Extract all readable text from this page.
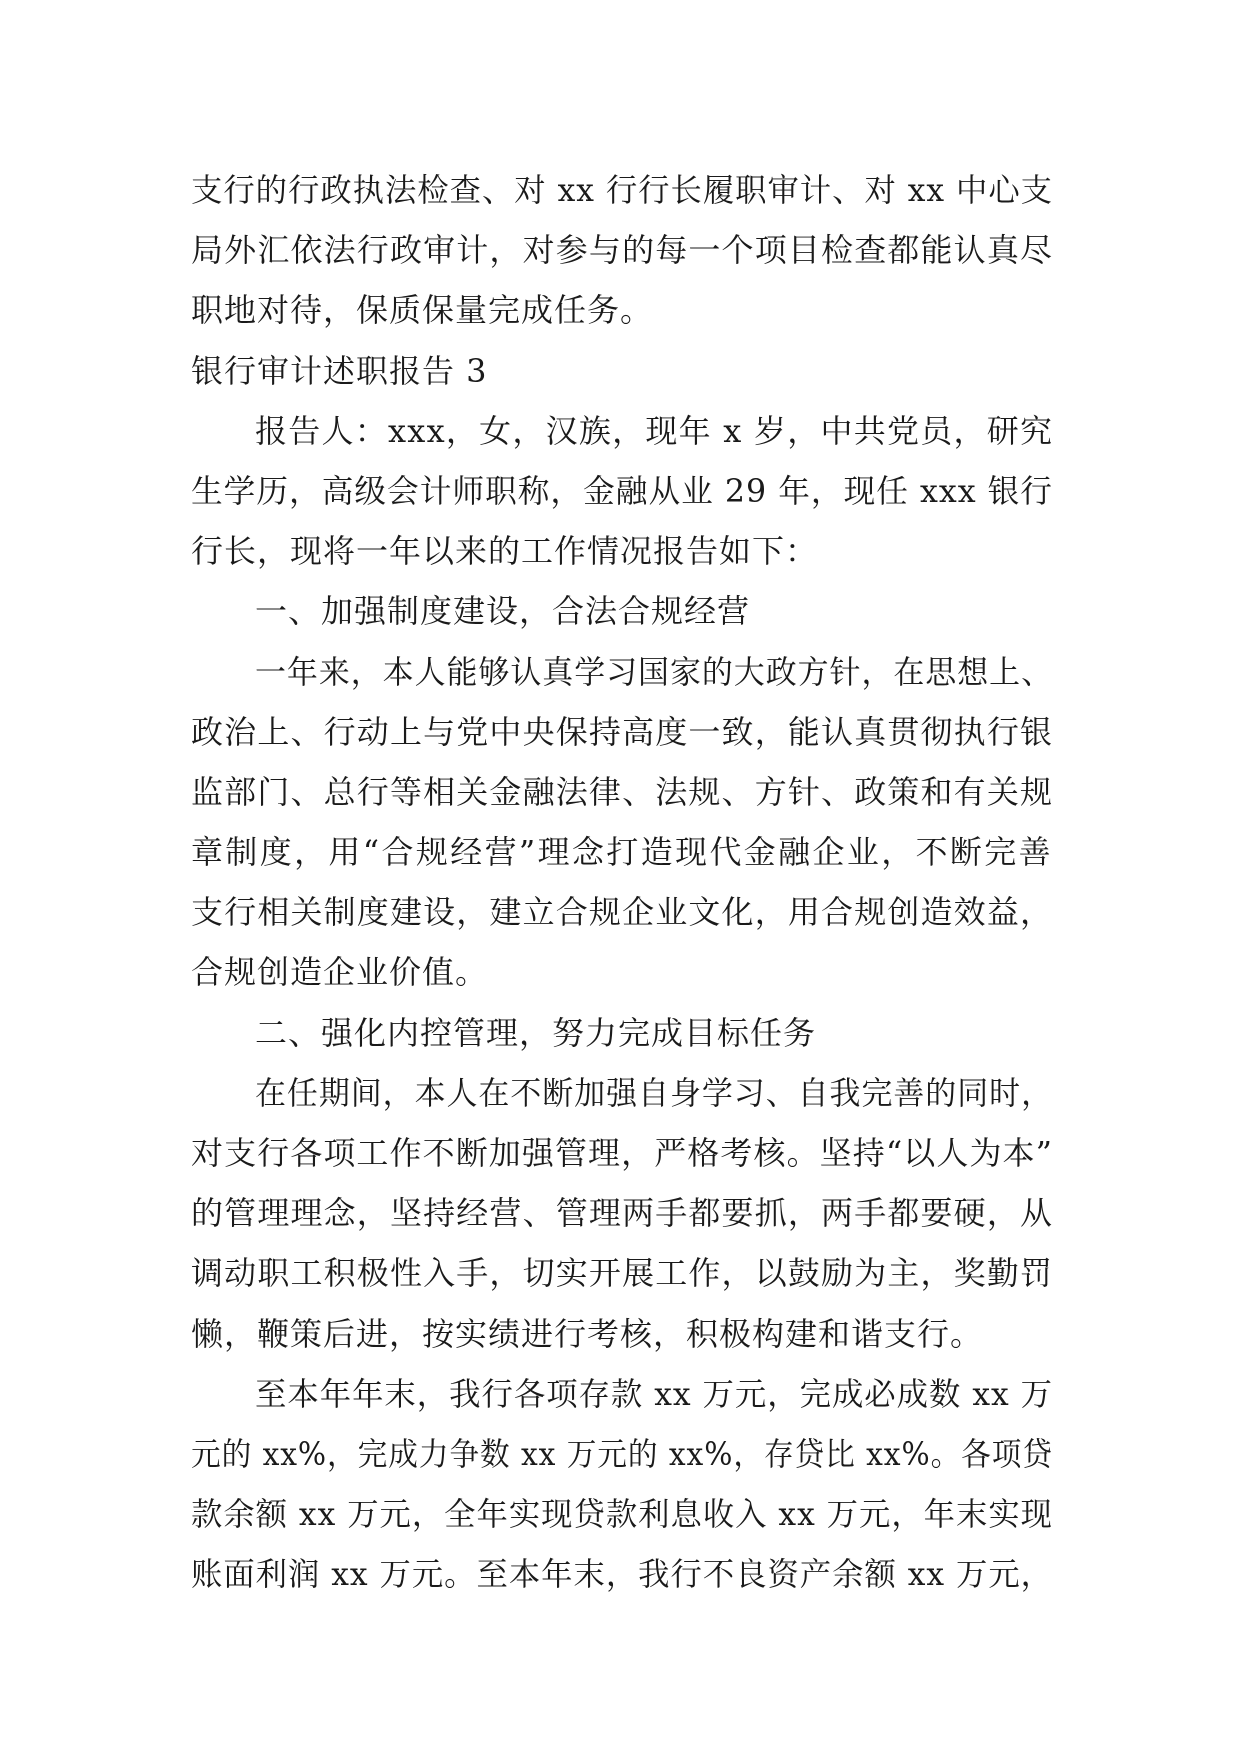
支行的行政执法检查、对 xx 行行长履职审计、对 xx 中心支
局外汇依法行政审计，对参与的每一个项目检查都能认真尽
职地对待，保质保量完成任务。
银行审计述职报告 3
报告人：xxx，女，汉族，现年 x 岁，中共党员，研究
生学历，高级会计师职称，金融从业 29 年，现任 xxx 银行
行长，现将一年以来的工作情况报告如下：
一、加强制度建设，合法合规经营
一年来，本人能够认真学习国家的大政方针，在思想上、
政治上、行动上与党中央保持高度一致，能认真贯彻执行银
监部门、总行等相关金融法律、法规、方针、政策和有关规
章制度，用“合规经营”理念打造现代金融企业，不断完善
支行相关制度建设，建立合规企业文化，用合规创造效益，
合规创造企业价值。
二、强化内控管理，努力完成目标任务
在任期间，本人在不断加强自身学习、自我完善的同时，
对支行各项工作不断加强管理，严格考核。坚持“以人为本”
的管理理念，坚持经营、管理两手都要抓，两手都要硬，从
调动职工积极性入手，切实开展工作，以鼓励为主，奖勤罚
懒，鞭策后进，按实绩进行考核，积极构建和谐支行。
至本年年末，我行各项存款 xx 万元，完成必成数 xx 万
元的 xx%，完成力争数 xx 万元的 xx%，存贷比 xx%。各项贷
款余额 xx 万元，全年实现贷款利息收入 xx 万元，年末实现
账面利润 xx 万元。至本年末，我行不良资产余额 xx 万元，
